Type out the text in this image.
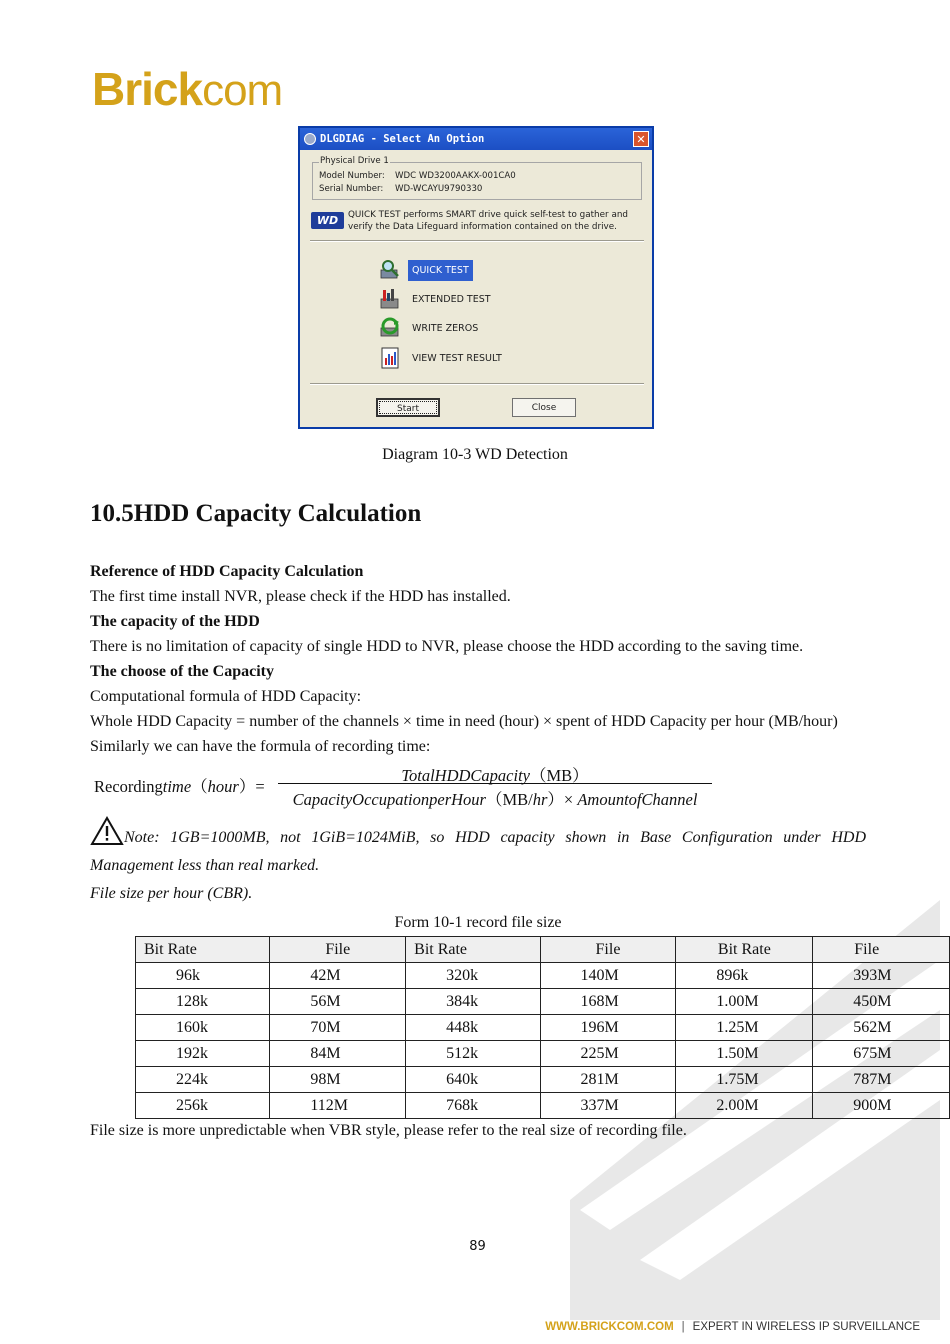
Brickcom
DLGDIAG - Select An Option	✕
Physical Drive 1
Model Number: WDC WD3200AAKX-001CA0
Serial Number: WD-WCAYU9790330
WD	QUICK TEST performs SMART drive quick self-test to gather and verify the Data Lifeguard information contained on the drive.
QUICK TEST
EXTENDED TEST
WRITE ZEROS
VIEW TEST RESULT
Start	Close
Diagram 10-3 WD Detection
10.5HDD Capacity Calculation
Reference of HDD Capacity Calculation
The first time install NVR, please check if the HDD has installed.
The capacity of the HDD
There is no limitation of capacity of single HDD to NVR, please choose the HDD according to the saving time.
The choose of the Capacity
Computational formula of HDD Capacity:
Whole HDD Capacity = number of the channels × time in need (hour) × spent of HDD Capacity per hour (MB/hour)
Similarly we can have the formula of recording time:
Recordingtime（hour）=
TotalHDDCapacity（MB）
CapacityOccupationperHour（MB/hr）× AmountofChannel
Note: 1GB=1000MB, not 1GiB=1024MiB, so HDD capacity shown in Base Configuration under HDD Management less than real marked.
File size per hour (CBR).
Form 10-1 record file size
Bit Rate	File	Bit Rate	File	Bit Rate	File
96k	42M	320k	140M	896k	393M
128k	56M	384k	168M	1.00M	450M
160k	70M	448k	196M	1.25M	562M
192k	84M	512k	225M	1.50M	675M
224k	98M	640k	281M	1.75M	787M
256k	112M	768k	337M	2.00M	900M
File size is more unpredictable when VBR style, please refer to the real size of recording file.
89
WWW.BRICKCOM.COM | EXPERT IN WIRELESS IP SURVEILLANCE
